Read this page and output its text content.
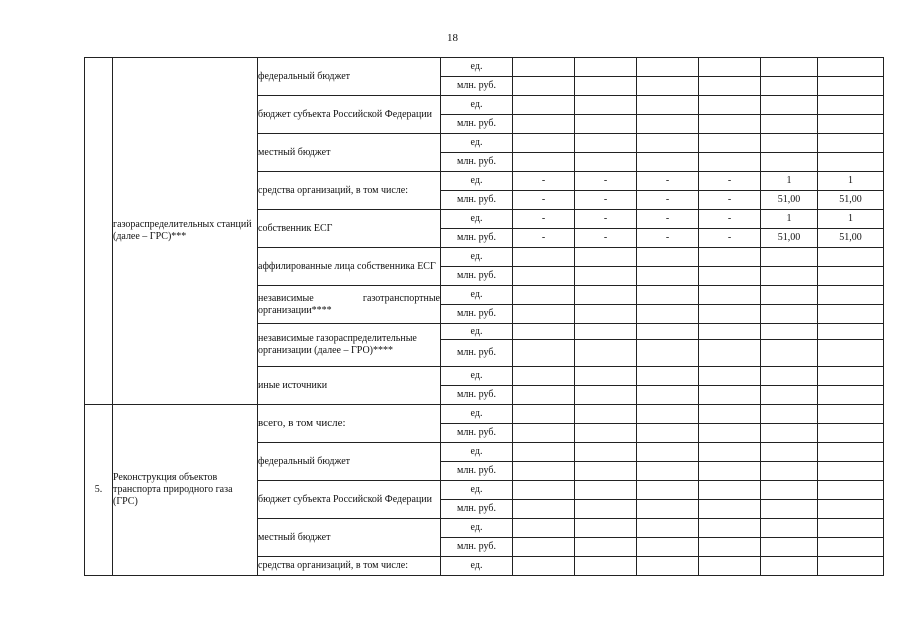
18
	газораспределительных станций (далее – ГРС)***	федеральный бюджет	ед.						
			млн. руб.						
		бюджет субъекта Российской Федерации	ед.						
			млн. руб.						
		местный бюджет	ед.						
			млн. руб.						
		средства организаций, в том числе:	ед.	-	-	-	-	1	1
			млн. руб.	-	-	-	-	51,00	51,00
		собственник ЕСГ	ед.	-	-	-	-	1	1
			млн. руб.	-	-	-	-	51,00	51,00
		аффилированные лица собственника ЕСГ	ед.						
			млн. руб.						
		независимые газотранспортные
организации****	ед.						
			млн. руб.						
		независимые газораспределительные организации (далее – ГРО)****	ед.						
			млн. руб.						
		иные источники	ед.						
			млн. руб.						
5.	Реконструкция объектов транспорта природного газа (ГРС)	всего, в том числе:	ед.						
			млн. руб.						
		федеральный бюджет	ед.						
			млн. руб.						
		бюджет субъекта Российской Федерации	ед.						
			млн. руб.						
		местный бюджет	ед.						
			млн. руб.						
		средства организаций, в том числе:	ед.						
